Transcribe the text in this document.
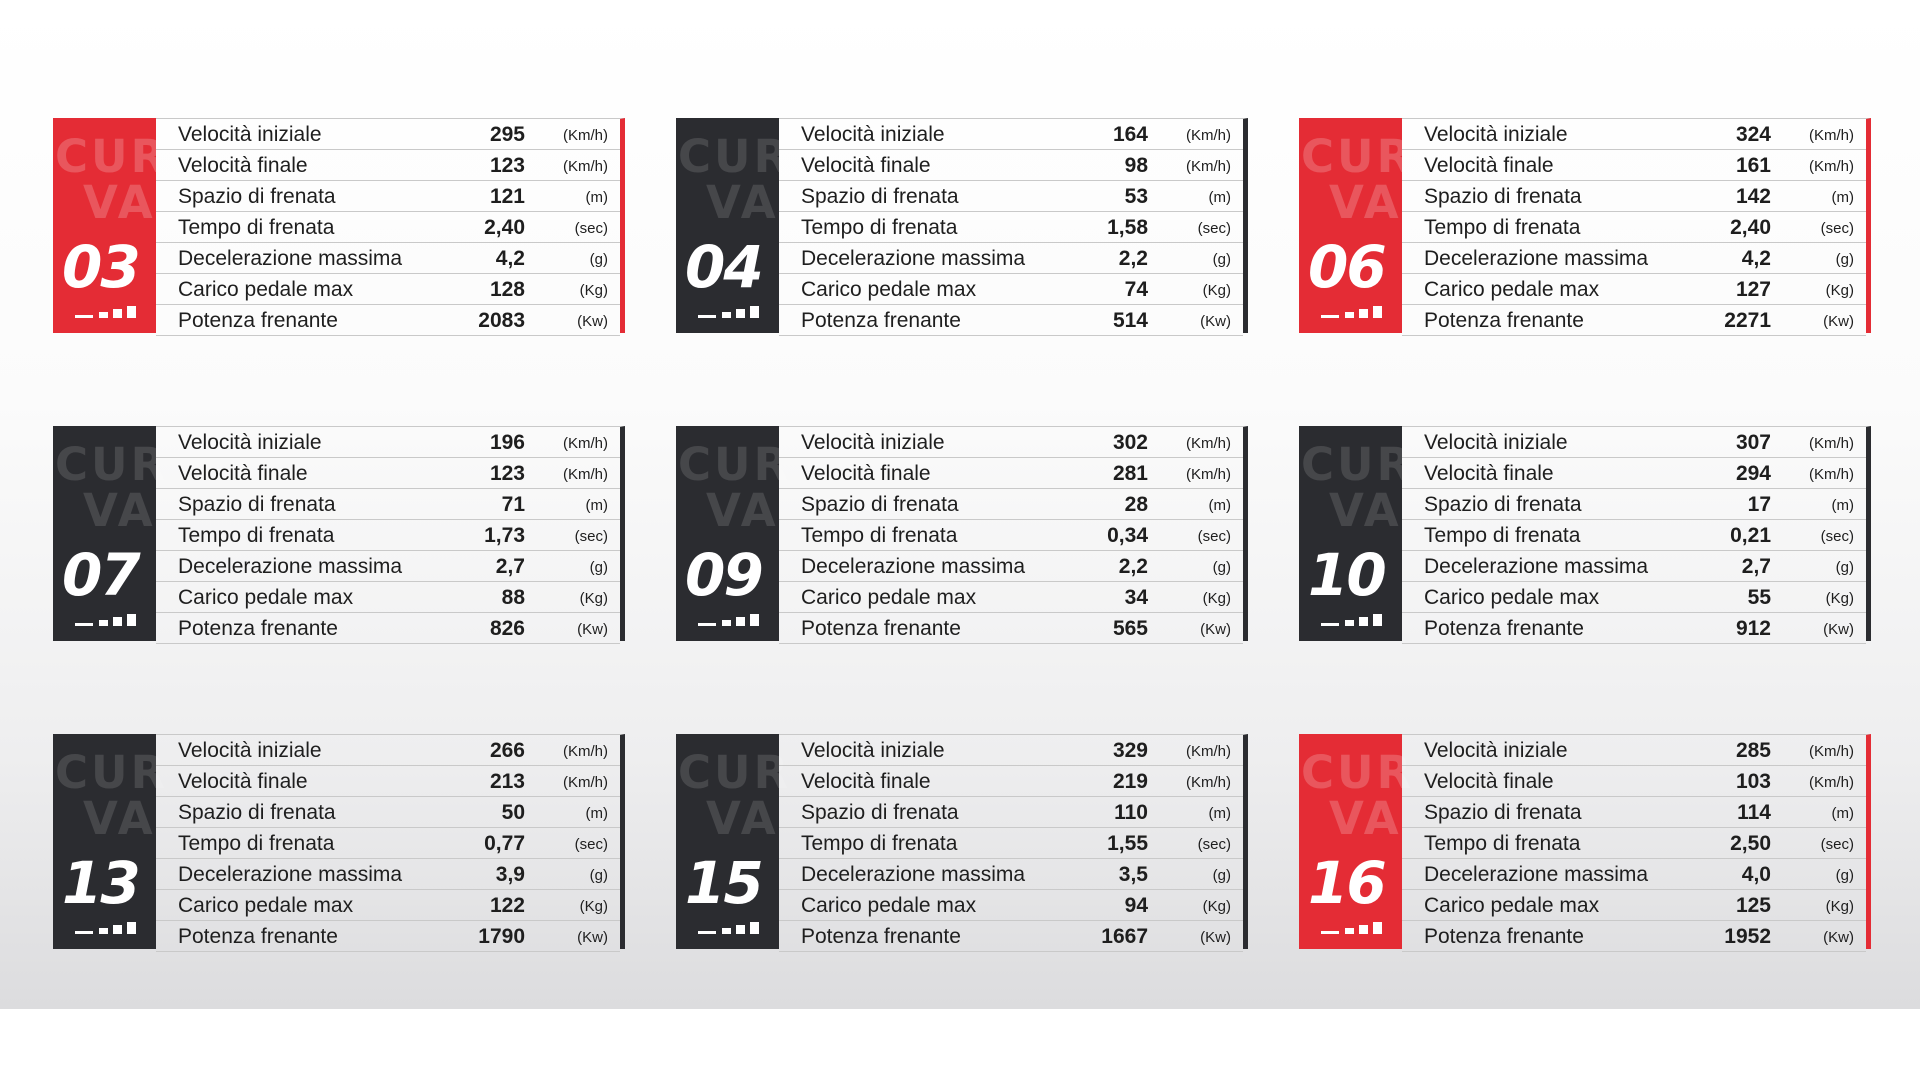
CUR
VA
03
Velocità iniziale	295	(Km/h)
Velocità finale	123	(Km/h)
Spazio di frenata	121	(m)
Tempo di frenata	2,40	(sec)
Decelerazione massima	4,2	(g)
Carico pedale max	128	(Kg)
Potenza frenante	2083	(Kw)
CUR
VA
04
Velocità iniziale	164	(Km/h)
Velocità finale	98	(Km/h)
Spazio di frenata	53	(m)
Tempo di frenata	1,58	(sec)
Decelerazione massima	2,2	(g)
Carico pedale max	74	(Kg)
Potenza frenante	514	(Kw)
CUR
VA
06
Velocità iniziale	324	(Km/h)
Velocità finale	161	(Km/h)
Spazio di frenata	142	(m)
Tempo di frenata	2,40	(sec)
Decelerazione massima	4,2	(g)
Carico pedale max	127	(Kg)
Potenza frenante	2271	(Kw)
CUR
VA
07
Velocità iniziale	196	(Km/h)
Velocità finale	123	(Km/h)
Spazio di frenata	71	(m)
Tempo di frenata	1,73	(sec)
Decelerazione massima	2,7	(g)
Carico pedale max	88	(Kg)
Potenza frenante	826	(Kw)
CUR
VA
09
Velocità iniziale	302	(Km/h)
Velocità finale	281	(Km/h)
Spazio di frenata	28	(m)
Tempo di frenata	0,34	(sec)
Decelerazione massima	2,2	(g)
Carico pedale max	34	(Kg)
Potenza frenante	565	(Kw)
CUR
VA
10
Velocità iniziale	307	(Km/h)
Velocità finale	294	(Km/h)
Spazio di frenata	17	(m)
Tempo di frenata	0,21	(sec)
Decelerazione massima	2,7	(g)
Carico pedale max	55	(Kg)
Potenza frenante	912	(Kw)
CUR
VA
13
Velocità iniziale	266	(Km/h)
Velocità finale	213	(Km/h)
Spazio di frenata	50	(m)
Tempo di frenata	0,77	(sec)
Decelerazione massima	3,9	(g)
Carico pedale max	122	(Kg)
Potenza frenante	1790	(Kw)
CUR
VA
15
Velocità iniziale	329	(Km/h)
Velocità finale	219	(Km/h)
Spazio di frenata	110	(m)
Tempo di frenata	1,55	(sec)
Decelerazione massima	3,5	(g)
Carico pedale max	94	(Kg)
Potenza frenante	1667	(Kw)
CUR
VA
16
Velocità iniziale	285	(Km/h)
Velocità finale	103	(Km/h)
Spazio di frenata	114	(m)
Tempo di frenata	2,50	(sec)
Decelerazione massima	4,0	(g)
Carico pedale max	125	(Kg)
Potenza frenante	1952	(Kw)
